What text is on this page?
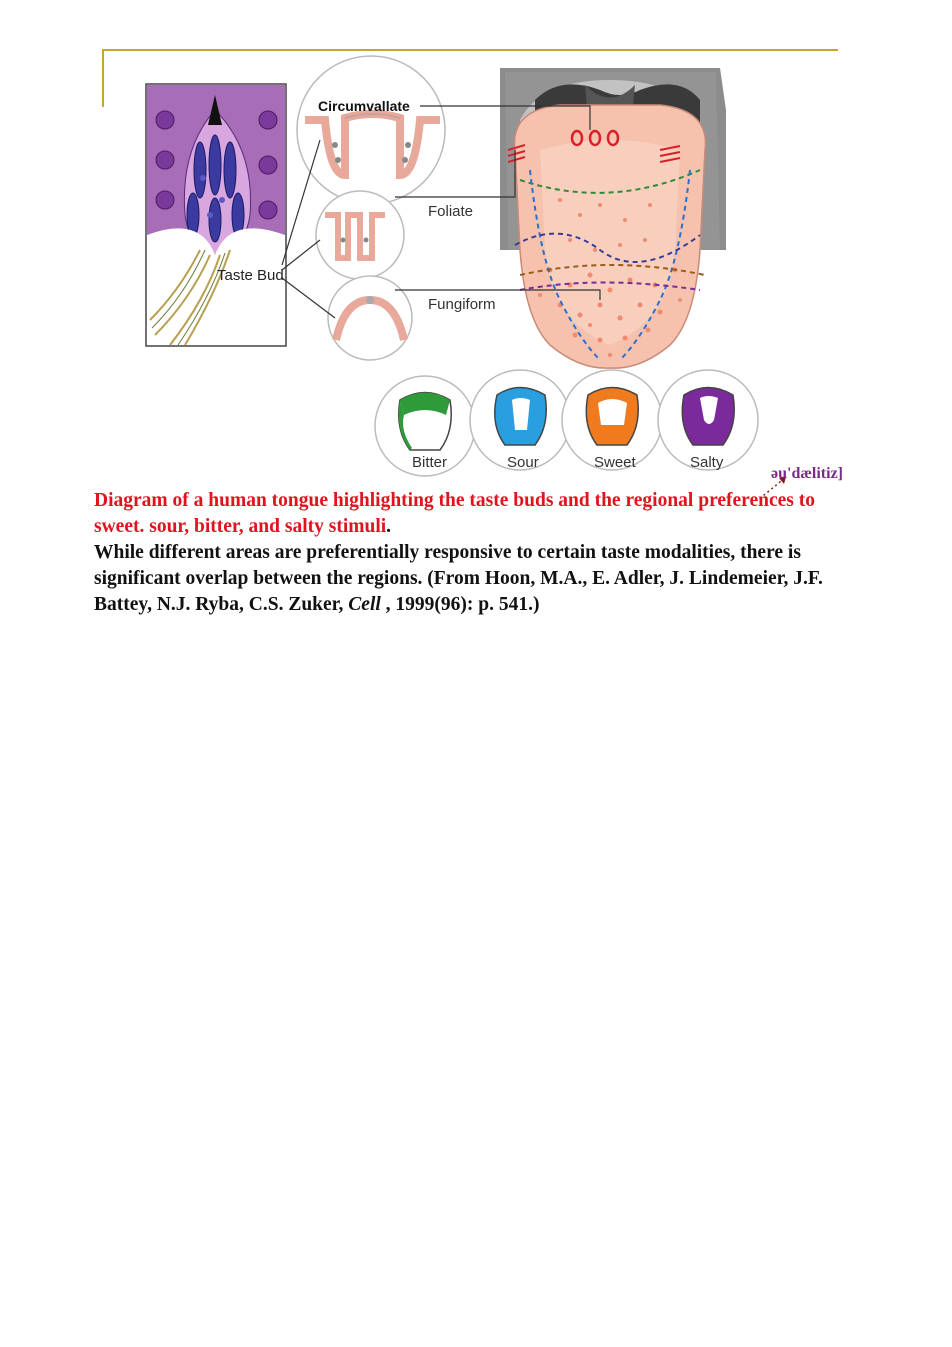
Circumvallate
Foliate
Fungiform
Taste Bud
Bitter	Sour	Sweet	Salty
əu'dælitiz]
Diagram of a human tongue highlighting the taste buds and the regional preferences to sweet. sour, bitter, and salty stimuli.
While different areas are preferentially responsive to certain taste modalities, there is significant overlap between the regions. (From Hoon, M.A., E. Adler, J. Lindemeier, J.F. Battey, N.J. Ryba, C.S. Zuker, Cell , 1999(96): p. 541.)
